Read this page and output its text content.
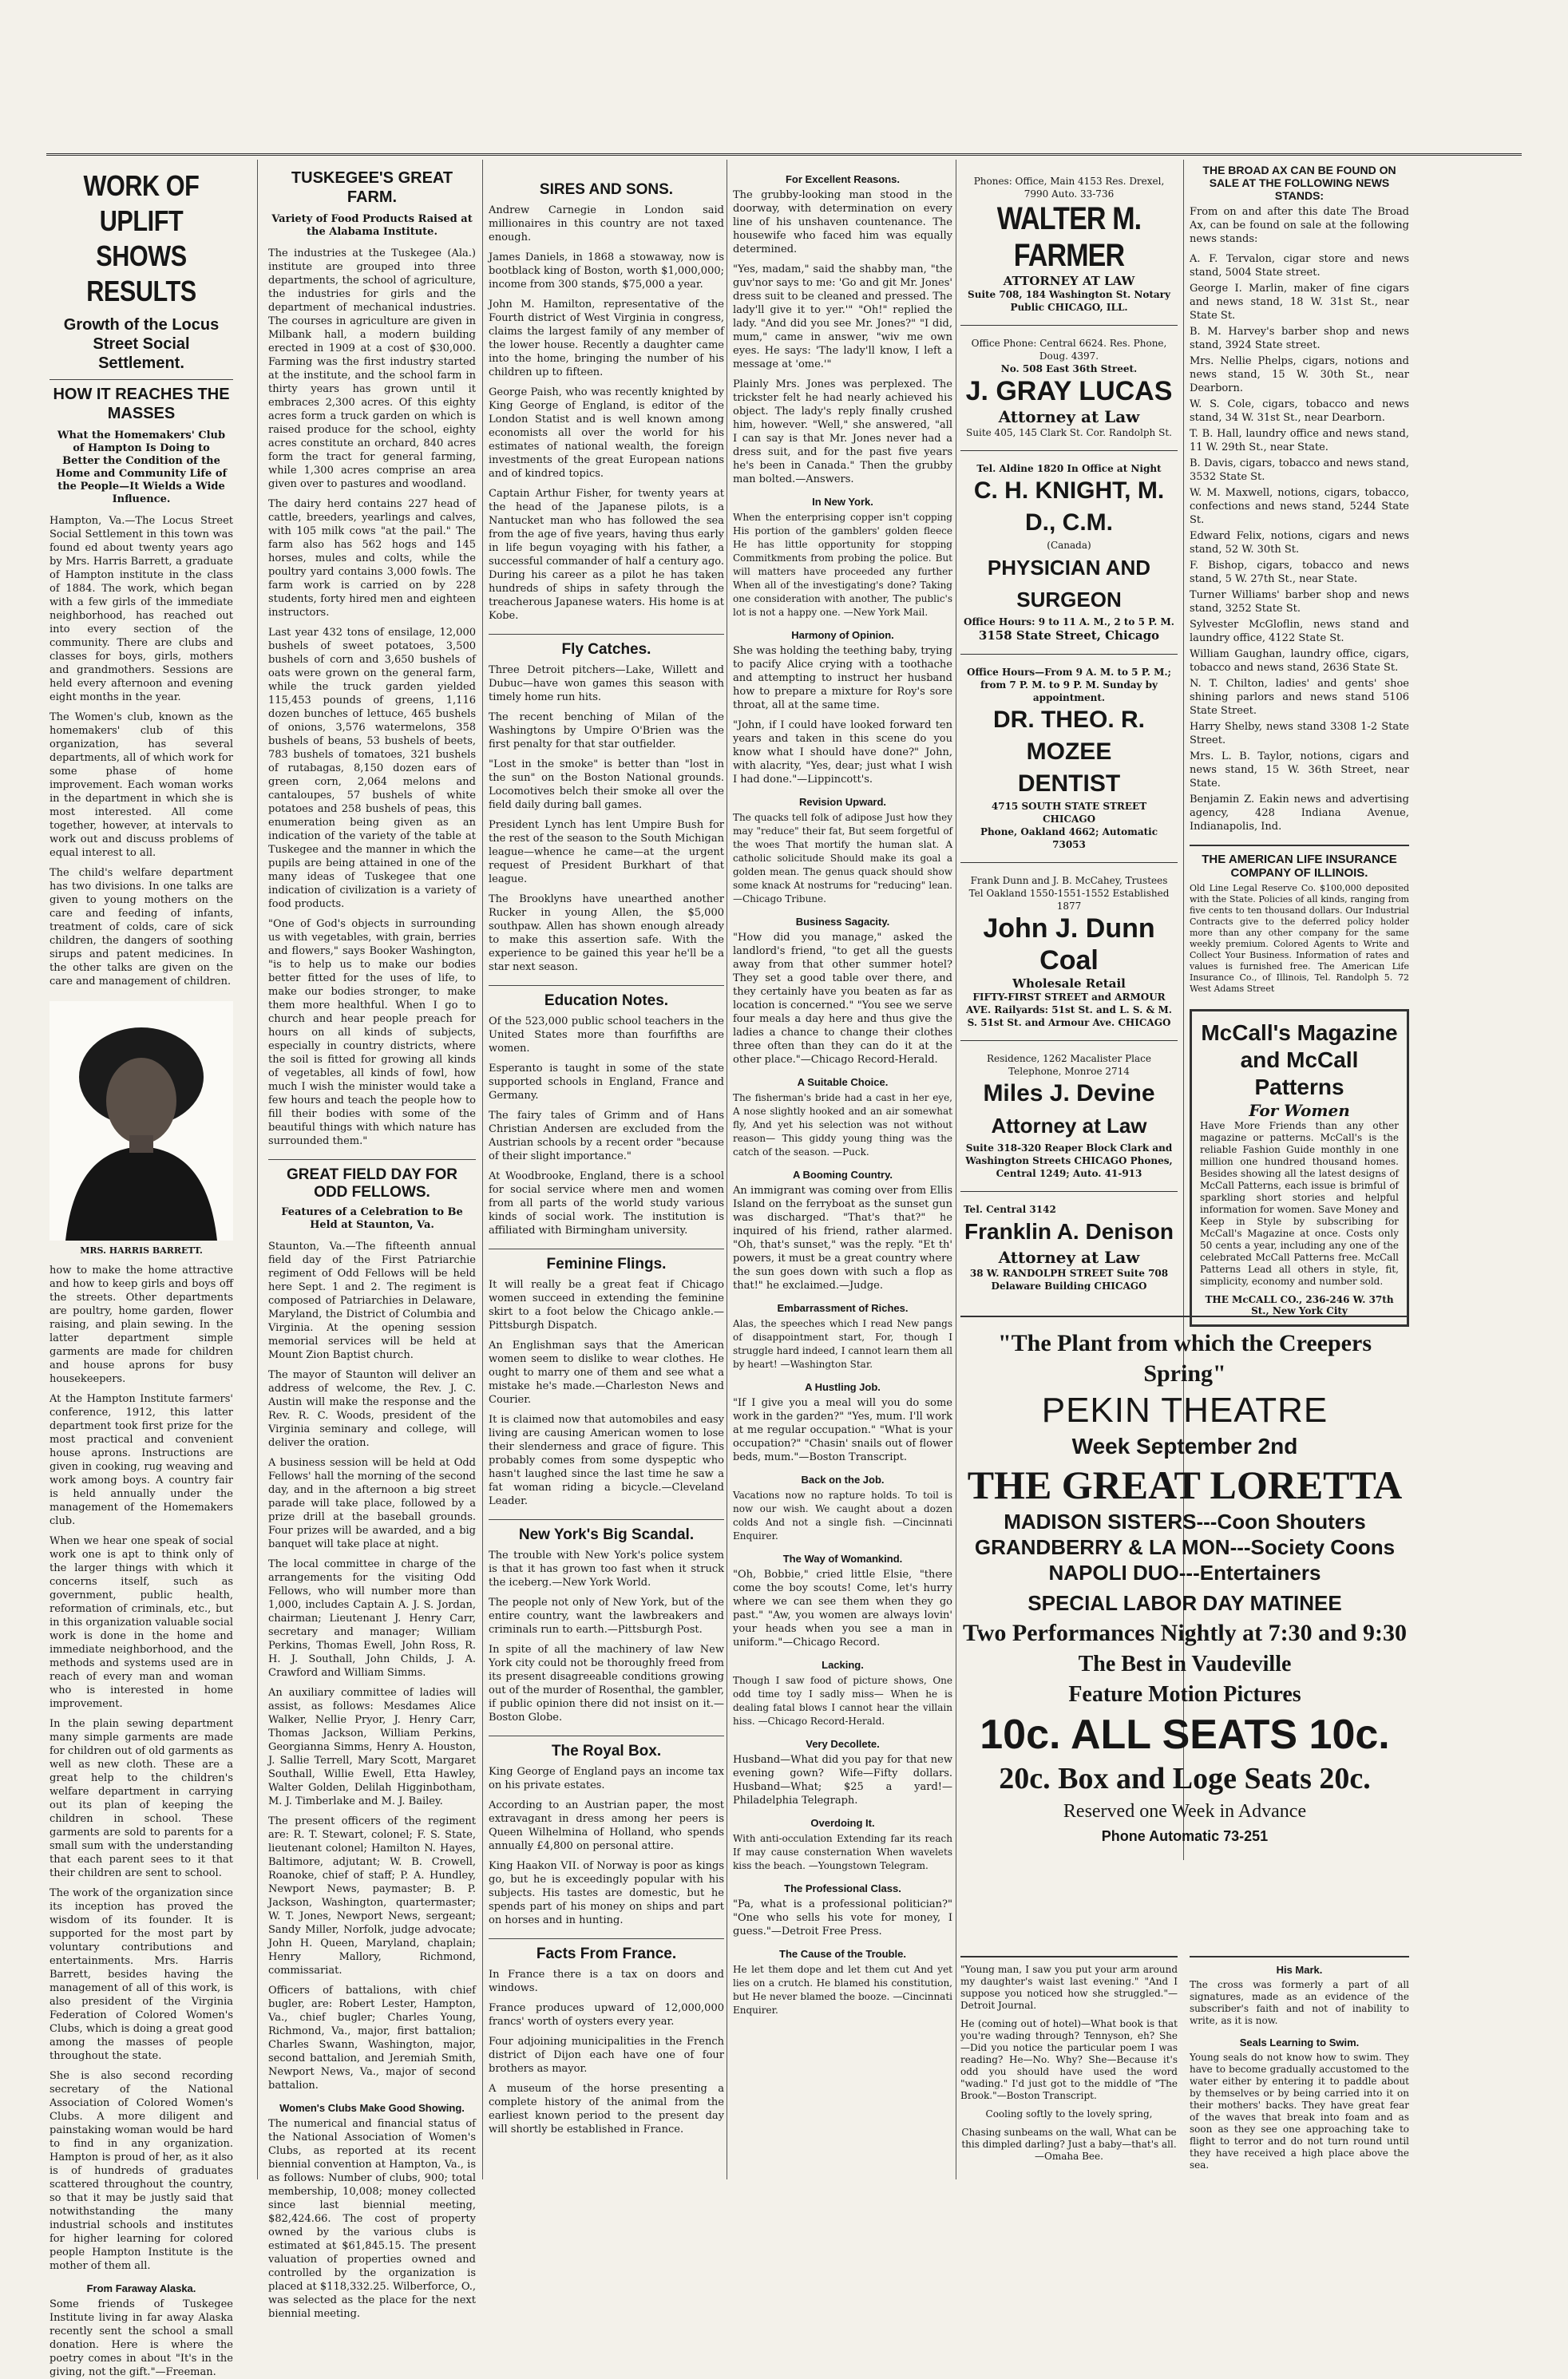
WORK OF UPLIFT SHOWS RESULTS
Growth of the Locus Street Social Settlement.
HOW IT REACHES THE MASSES
What the Homemakers' Club of Hampton Is Doing to Better the Condition of the Home and Community Life of the People—It Wields a Wide Influence.

Hampton, Va.—The Locus Street Social Settlement in this town was found ed about twenty years ago by Mrs. Harris Barrett, a graduate of Hampton institute in the class of 1884. The work, which began with a few girls of the immediate neighborhood, has reached out into every section of the community. There are clubs and classes for boys, girls, mothers and grandmothers. Sessions are held every afternoon and evening eight months in the year.

The Women's club, known as the homemakers' club of this organization, has several departments, all of which work for some phase of home improvement. Each woman works in the department in which she is most interested. All come together, however, at intervals to work out and discuss problems of equal interest to all.

The child's welfare department has two divisions. In one talks are given to young mothers on the care and feeding of infants, treatment of colds, care of sick children, the dangers of soothing sirups and patent medicines. In the other talks are given on the care and management of children.

MRS. HARRIS BARRETT.

how to make the home attractive and how to keep girls and boys off the streets. Other departments are poultry, home garden, flower raising, and plain sewing. In the latter department simple garments are made for children and house aprons for busy housekeepers.

At the Hampton Institute farmers' conference, 1912, this latter department took first prize for the most practical and convenient house aprons. Instructions are given in cooking, rug weaving and work among boys. A country fair is held annually under the management of the Homemakers club.

When we hear one speak of social work one is apt to think only of the larger things with which it concerns itself, such as government, public health, reformation of criminals, etc., but in this organization valuable social work is done in the home and immediate neighborhood, and the methods and systems used are in reach of every man and woman who is interested in home improvement.

In the plain sewing department many simple garments are made for children out of old garments as well as new cloth. These are a great help to the children's welfare department in carrying out its plan of keeping the children in school. These garments are sold to parents for a small sum with the understanding that each parent sees to it that their children are sent to school.

The work of the organization since its inception has proved the wisdom of its founder. It is supported for the most part by voluntary contributions and entertainments. Mrs. Harris Barrett, besides having the management of all of this work, is also president of the Virginia Federation of Colored Women's Clubs, which is doing a great good among the masses of people throughout the state.

She is also second recording secretary of the National Association of Colored Women's Clubs. A more diligent and painstaking woman would be hard to find in any organization. Hampton is proud of her, as it also is of hundreds of graduates scattered throughout the country, so that it may be justly said that notwithstanding the many industrial schools and institutes for higher learning for colored people Hampton Institute is the mother of them all.

From Faraway Alaska.

Some friends of Tuskegee Institute living in far away Alaska recently sent the school a small donation. Here is where the poetry comes in about "It's in the giving, not the gift."—Freeman.

TUSKEGEE'S GREAT FARM.
Variety of Food Products Raised at the Alabama Institute.

The industries at the Tuskegee (Ala.) institute are grouped into three departments, the school of agriculture, the industries for girls and the department of mechanical industries. The courses in agriculture are given in Milbank hall, a modern building erected in 1909 at a cost of $30,000. Farming was the first industry started at the institute, and the school farm in thirty years has grown until it embraces 2,300 acres. Of this eighty acres form a truck garden on which is raised produce for the school, eighty acres constitute an orchard, 840 acres form the tract for general farming, while 1,300 acres comprise an area given over to pastures and woodland.

The dairy herd contains 227 head of cattle, breeders, yearlings and calves, with 105 milk cows "at the pail." The farm also has 562 hogs and 145 horses, mules and colts, while the poultry yard contains 3,000 fowls. The farm work is carried on by 228 students, forty hired men and eighteen instructors.

Last year 432 tons of ensilage, 12,000 bushels of sweet potatoes, 3,500 bushels of corn and 3,650 bushels of oats were grown on the general farm, while the truck garden yielded 115,453 pounds of greens, 1,116 dozen bunches of lettuce, 465 bushels of onions, 3,576 watermelons, 358 bushels of beans, 53 bushels of beets, 783 bushels of tomatoes, 321 bushels of rutabagas, 8,150 dozen ears of green corn, 2,064 melons and cantaloupes, 57 bushels of white potatoes and 258 bushels of peas, this enumeration being given as an indication of the variety of the table at Tuskegee and the manner in which the pupils are being attained in one of the many ideas of Tuskegee that one indication of civilization is a variety of food products.

"One of God's objects in surrounding us with vegetables, with grain, berries and flowers," says Booker Washington, "is to help us to make our bodies better fitted for the uses of life, to make our bodies stronger, to make them more healthful. When I go to church and hear people preach for hours on all kinds of subjects, especially in country districts, where the soil is fitted for growing all kinds of vegetables, all kinds of fowl, how much I wish the minister would take a few hours and teach the people how to fill their bodies with some of the beautiful things with which nature has surrounded them."

GREAT FIELD DAY FOR ODD FELLOWS.
Features of a Celebration to Be Held at Staunton, Va.

Staunton, Va.—The fifteenth annual field day of the First Patriarchie regiment of Odd Fellows will be held here Sept. 1 and 2. The regiment is composed of Patriarchies in Delaware, Maryland, the District of Columbia and Virginia. At the opening session memorial services will be held at Mount Zion Baptist church.

The mayor of Staunton will deliver an address of welcome, the Rev. J. C. Austin will make the response and the Rev. R. C. Woods, president of the Virginia seminary and college, will deliver the oration.

A business session will be held at Odd Fellows' hall the morning of the second day, and in the afternoon a big street parade will take place, followed by a prize drill at the baseball grounds. Four prizes will be awarded, and a big banquet will take place at night.

The local committee in charge of the arrangements for the visiting Odd Fellows, who will number more than 1,000, includes Captain A. J. S. Jordan, chairman; Lieutenant J. Henry Carr, secretary and manager; William Perkins, Thomas Ewell, John Ross, R. H. J. Southall, John Childs, J. A. Crawford and William Simms.

An auxiliary committee of ladies will assist, as follows: Mesdames Alice Walker, Nellie Pryor, J. Henry Carr, Thomas Jackson, William Perkins, Georgianna Simms, Henry A. Houston, J. Sallie Terrell, Mary Scott, Margaret Southall, Willie Ewell, Etta Hawley, Walter Golden, Delilah Higginbotham, M. J. Timberlake and M. J. Bailey.

The present officers of the regiment are: R. T. Stewart, colonel; F. S. State, lieutenant colonel; Hamilton N. Hayes, Baltimore, adjutant; W. B. Crowell, Roanoke, chief of staff; P. A. Hundley, Newport News, paymaster; B. P. Jackson, Washington, quartermaster; W. T. Jones, Newport News, sergeant; Sandy Miller, Norfolk, judge advocate; John H. Queen, Maryland, chaplain; Henry Mallory, Richmond, commissariat.

Officers of battalions, with chief bugler, are: Robert Lester, Hampton, Va., chief bugler; Charles Young, Richmond, Va., major, first battalion; Charles Swann, Washington, major, second battalion, and Jeremiah Smith, Newport News, Va., major of second battalion.

Women's Clubs Make Good Showing.

The numerical and financial status of the National Association of Women's Clubs, as reported at its recent biennial convention at Hampton, Va., is as follows: Number of clubs, 900; total membership, 10,008; money collected since last biennial meeting, $82,424.66. The cost of property owned by the various clubs is estimated at $61,845.15. The present valuation of properties owned and controlled by the organization is placed at $118,332.25. Wilberforce, O., was selected as the place for the next biennial meeting.

SIRES AND SONS.

Andrew Carnegie in London said millionaires in this country are not taxed enough.

James Daniels, in 1868 a stowaway, now is bootblack king of Boston, worth $1,000,000; income from 300 stands, $75,000 a year.

John M. Hamilton, representative of the Fourth district of West Virginia in congress, claims the largest family of any member of the lower house. Recently a daughter came into the home, bringing the number of his children up to fifteen.

George Paish, who was recently knighted by King George of England, is editor of the London Statist and is well known among economists all over the world for his estimates of national wealth, the foreign investments of the great European nations and of kindred topics.

Captain Arthur Fisher, for twenty years at the head of the Japanese pilots, is a Nantucket man who has followed the sea from the age of five years, having thus early in life begun voyaging with his father, a successful commander of half a century ago. During his career as a pilot he has taken hundreds of ships in safety through the treacherous Japanese waters. His home is at Kobe.

Fly Catches.

Three Detroit pitchers—Lake, Willett and Dubuc—have won games this season with timely home run hits.

The recent benching of Milan of the Washingtons by Umpire O'Brien was the first penalty for that star outfielder.

"Lost in the smoke" is better than "lost in the sun" on the Boston National grounds. Locomotives belch their smoke all over the field daily during ball games.

President Lynch has lent Umpire Bush for the rest of the season to the South Michigan league—whence he came—at the urgent request of President Burkhart of that league.

The Brooklyns have unearthed another Rucker in young Allen, the $5,000 southpaw. Allen has shown enough already to make this assertion safe. With the experience to be gained this year he'll be a star next season.

Education Notes.

Of the 523,000 public school teachers in the United States more than fourfifths are women.

Esperanto is taught in some of the state supported schools in England, France and Germany.

The fairy tales of Grimm and of Hans Christian Andersen are excluded from the Austrian schools by a recent order "because of their slight importance."

At Woodbrooke, England, there is a school for social service where men and women from all parts of the world study various kinds of social work. The institution is affiliated with Birmingham university.

Feminine Flings.

It will really be a great feat if Chicago women succeed in extending the feminine skirt to a foot below the Chicago ankle.—Pittsburgh Dispatch.

An Englishman says that the American women seem to dislike to wear clothes. He ought to marry one of them and see what a mistake he's made.—Charleston News and Courier.

It is claimed now that automobiles and easy living are causing American women to lose their slenderness and grace of figure. This probably comes from some dyspeptic who hasn't laughed since the last time he saw a fat woman riding a bicycle.—Cleveland Leader.

New York's Big Scandal.

The trouble with New York's police system is that it has grown too fast when it struck the iceberg.—New York World.

The people not only of New York, but of the entire country, want the lawbreakers and criminals run to earth.—Pittsburgh Post.

In spite of all the machinery of law New York city could not be thoroughly freed from its present disagreeable conditions growing out of the murder of Rosenthal, the gambler, if public opinion there did not insist on it.—Boston Globe.

The Royal Box.

King George of England pays an income tax on his private estates.

According to an Austrian paper, the most extravagant in dress among her peers is Queen Wilhelmina of Holland, who spends annually £4,800 on personal attire.

King Haakon VII. of Norway is poor as kings go, but he is exceedingly popular with his subjects. His tastes are domestic, but he spends part of his money on ships and part on horses and in hunting.

Facts From France.

In France there is a tax on doors and windows.

France produces upward of 12,000,000 francs' worth of oysters every year.

Four adjoining municipalities in the French district of Dijon each have one of four brothers as mayor.

A museum of the horse presenting a complete history of the animal from the earliest known period to the present day will shortly be established in France.

For Excellent Reasons.

The grubby-looking man stood in the doorway, with determination on every line of his unshaven countenance. The housewife who faced him was equally determined.

"Yes, madam," said the shabby man, "the guv'nor says to me: 'Go and git Mr. Jones' dress suit to be cleaned and pressed. The lady'll give it to yer.'" "Oh!" replied the lady. "And did you see Mr. Jones?" "I did, mum," came in answer, "wiv me own eyes. He says: 'The lady'll know, I left a message at 'ome.'"

Plainly Mrs. Jones was perplexed. The trickster felt he had nearly achieved his object. The lady's reply finally crushed him, however. "Well," she answered, "all I can say is that Mr. Jones never had a dress suit, and for the past five years he's been in Canada." Then the grubby man bolted.—Answers.

In New York.

When the enterprising copper isn't copping His portion of the gamblers' golden fleece He has little opportunity for stopping Commitkments from probing the police. But will matters have proceeded any further When all of the investigating's done? Taking one consideration with another, The public's lot is not a happy one. —New York Mail.

Harmony of Opinion.

She was holding the teething baby, trying to pacify Alice crying with a toothache and attempting to instruct her husband how to prepare a mixture for Roy's sore throat, all at the same time.

"John, if I could have looked forward ten years and taken in this scene do you know what I should have done?" John, with alacrity, "Yes, dear; just what I wish I had done."—Lippincott's.

Revision Upward.

The quacks tell folk of adipose Just how they may "reduce" their fat, But seem forgetful of the woes That mortify the human slat. A catholic solicitude Should make its goal a golden mean. The genus quack should show some knack At nostrums for "reducing" lean. —Chicago Tribune.

Business Sagacity.

"How did you manage," asked the landlord's friend, "to get all the guests away from that other summer hotel? They set a good table over there, and they certainly have you beaten as far as location is concerned." "You see we serve four meals a day here and thus give the ladies a chance to change their clothes three often than they can do it at the other place."—Chicago Record-Herald.

A Suitable Choice.

The fisherman's bride had a cast in her eye, A nose slightly hooked and an air somewhat fly, And yet his selection was not without reason— This giddy young thing was the catch of the season. —Puck.

A Booming Country.

An immigrant was coming over from Ellis Island on the ferryboat as the sunset gun was discharged. "That's that?" he inquired of his friend, rather alarmed. "Oh, that's sunset," was the reply. "Et th' powers, it must be a great country where the sun goes down with such a flop as that!" he exclaimed.—Judge.

Embarrassment of Riches.

Alas, the speeches which I read New pangs of disappointment start, For, though I struggle hard indeed, I cannot learn them all by heart! —Washington Star.

A Hustling Job.

"If I give you a meal will you do some work in the garden?" "Yes, mum. I'll work at me regular occupation." "What is your occupation?" "Chasin' snails out of flower beds, mum."—Boston Transcript.

Back on the Job.

Vacations now no rapture holds. To toil is now our wish. We caught about a dozen colds And not a single fish. —Cincinnati Enquirer.

The Way of Womankind.

"Oh, Bobbie," cried little Elsie, "there come the boy scouts! Come, let's hurry where we can see them when they go past." "Aw, you women are always lovin' your heads when you see a man in uniform."—Chicago Record.

Lacking.

Though I saw food of picture shows, One odd time toy I sadly miss— When he is dealing fatal blows I cannot hear the villain hiss. —Chicago Record-Herald.

Very Decollete.

Husband—What did you pay for that new evening gown? Wife—Fifty dollars. Husband—What; $25 a yard!—Philadelphia Telegraph.

Overdoing It.

With anti-occulation Extending far its reach If may cause consternation When wavelets kiss the beach. —Youngstown Telegram.

The Professional Class.

"Pa, what is a professional politician?" "One who sells his vote for money, I guess."—Detroit Free Press.

The Cause of the Trouble.

He let them dope and let them cut And yet lies on a crutch. He blamed his constitution, but He never blamed the booze. —Cincinnati Enquirer.

Phones: Office, Main 4153 Res. Drexel, 7990 Auto. 33-736
WALTER M. FARMER
ATTORNEY AT LAW
Suite 708, 184 Washington St. Notary Public CHICAGO, ILL.
Office Phone: Central 6624. Res. Phone, Doug. 4397.
No. 508 East 36th Street.
J. GRAY LUCAS
Attorney at Law
Suite 405, 145 Clark St. Cor. Randolph St.
Tel. Aldine 1820 In Office at Night
C. H. KNIGHT, M. D., C.M.
(Canada)
PHYSICIAN AND SURGEON
Office Hours: 9 to 11 A. M., 2 to 5 P. M.
3158 State Street, Chicago
Office Hours—From 9 A. M. to 5 P. M.; from 7 P. M. to 9 P. M. Sunday by appointment.
DR. THEO. R. MOZEE
DENTIST
4715 SOUTH STATE STREET CHICAGO
Phone, Oakland 4662; Automatic 73053
Frank Dunn and J. B. McCahey, Trustees Tel Oakland 1550-1551-1552 Established 1877
John J. Dunn
Coal
Wholesale Retail
FIFTY-FIRST STREET and ARMOUR AVE. Railyards: 51st St. and L. S. & M. S. 51st St. and Armour Ave. CHICAGO
Residence, 1262 Macalister Place Telephone, Monroe 2714
Miles J. Devine
Attorney at Law
Suite 318-320 Reaper Block Clark and Washington Streets CHICAGO Phones, Central 1249; Auto. 41-913
Tel. Central 3142
Franklin A. Denison
Attorney at Law
38 W. RANDOLPH STREET Suite 708 Delaware Building CHICAGO
THE BROAD AX CAN BE FOUND ON SALE AT THE FOLLOWING NEWS STANDS:

From on and after this date The Broad Ax, can be found on sale at the following news stands:

A. F. Tervalon, cigar store and news stand, 5004 State street.

George I. Marlin, maker of fine cigars and news stand, 18 W. 31st St., near State St.

B. M. Harvey's barber shop and news stand, 3924 State street.

Mrs. Nellie Phelps, cigars, notions and news stand, 15 W. 30th St., near Dearborn.

W. S. Cole, cigars, tobacco and news stand, 34 W. 31st St., near Dearborn.

T. B. Hall, laundry office and news stand, 11 W. 29th St., near State.

B. Davis, cigars, tobacco and news stand, 3532 State St.

W. M. Maxwell, notions, cigars, tobacco, confections and news stand, 5244 State St.

Edward Felix, notions, cigars and news stand, 52 W. 30th St.

F. Bishop, cigars, tobacco and news stand, 5 W. 27th St., near State.

Turner Williams' barber shop and news stand, 3252 State St.

Sylvester McGloflin, news stand and laundry office, 4122 State St.

William Gaughan, laundry office, cigars, tobacco and news stand, 2636 State St.

N. T. Chilton, ladies' and gents' shoe shining parlors and news stand 5106 State Street.

Harry Shelby, news stand 3308 1-2 State Street.

Mrs. L. B. Taylor, notions, cigars and news stand, 15 W. 36th Street, near State.

Benjamin Z. Eakin news and advertising agency, 428 Indiana Avenue, Indianapolis, Ind.

THE AMERICAN LIFE INSURANCE COMPANY OF ILLINOIS.

Old Line Legal Reserve Co. $100,000 deposited with the State. Policies of all kinds, ranging from five cents to ten thousand dollars. Our Industrial Contracts give to the deferred policy holder more than any other company for the same weekly premium. Colored Agents to Write and Collect Your Business. Information of rates and values is furnished free. The American Life Insurance Co., of Illinois, Tel. Randolph 5. 72 West Adams Street

McCall's Magazine and McCall Patterns
For Women

Have More Friends than any other magazine or patterns. McCall's is the reliable Fashion Guide monthly in one million one hundred thousand homes. Besides showing all the latest designs of McCall Patterns, each issue is brimful of sparkling short stories and helpful information for women. Save Money and Keep in Style by subscribing for McCall's Magazine at once. Costs only 50 cents a year, including any one of the celebrated McCall Patterns free. McCall Patterns Lead all others in style, fit, simplicity, economy and number sold.

THE McCALL CO., 236-246 W. 37th St., New York City
"The Plant from which the Creepers Spring"
PEKIN THEATRE
Week September 2nd
THE GREAT LORETTA
MADISON SISTERS---Coon Shouters
GRANDBERRY & LA MON---Society Coons
NAPOLI DUO---Entertainers
SPECIAL LABOR DAY MATINEE
Two Performances Nightly at 7:30 and 9:30
The Best in Vaudeville
Feature Motion Pictures
10c. ALL SEATS 10c.
20c. Box and Loge Seats 20c.
Reserved one Week in Advance
Phone Automatic 73-251

"Young man, I saw you put your arm around my daughter's waist last evening." "And I suppose you noticed how she struggled."—Detroit Journal.

He (coming out of hotel)—What book is that you're wading through? Tennyson, eh? She—Did you notice the particular poem I was reading? He—No. Why? She—Because it's odd you should have used the word "wading." I'd just got to the middle of "The Brook."—Boston Transcript.

Cooling softly to the lovely spring,

Chasing sunbeams on the wall, What can be this dimpled darling? Just a baby—that's all. —Omaha Bee.

His Mark.

The cross was formerly a part of all signatures, made as an evidence of the subscriber's faith and not of inability to write, as it is now.

Seals Learning to Swim.

Young seals do not know how to swim. They have to become gradually accustomed to the water either by entering it to paddle about by themselves or by being carried into it on their mothers' backs. They have great fear of the waves that break into foam and as soon as they see one approaching take to flight to terror and do not turn round until they have received a high place above the sea.
